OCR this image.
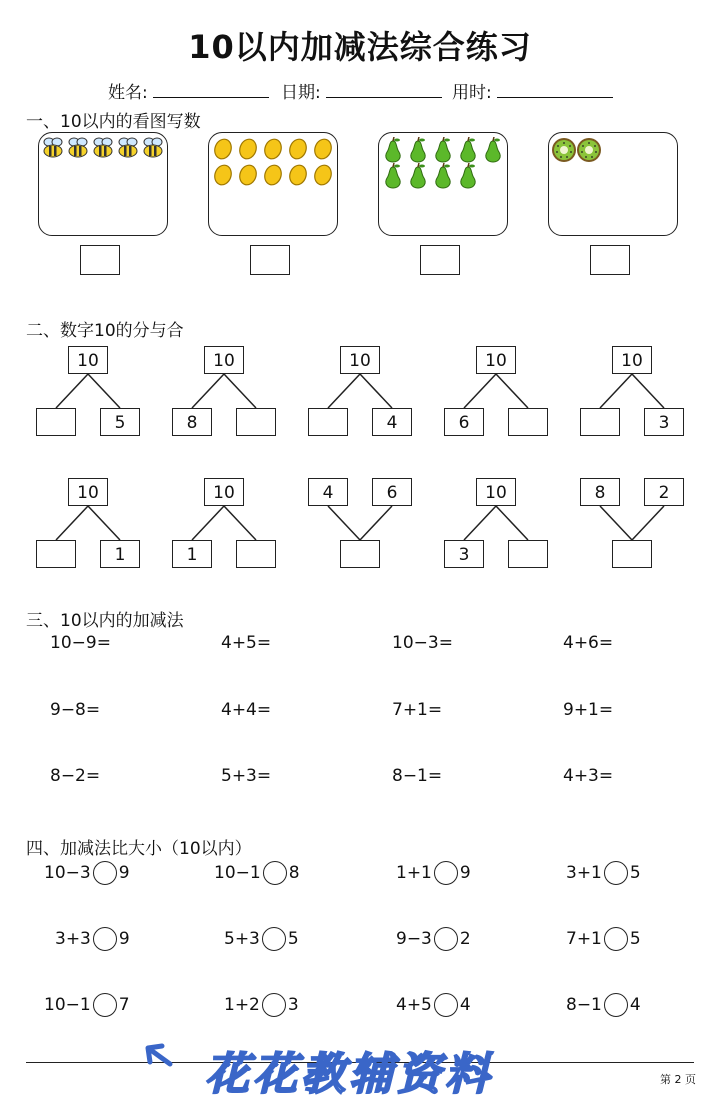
10以内加减法综合练习
姓名:	日期:	用时:
一、10以内的看图写数
二、数字10的分与合
10
5
10
8
10
4
10
6
10
3
10
1
10
1
4	6	10
3
8	2
三、10以内的加减法
10−9=	4+5=	10−3=	4+6=
9−8=	4+4=	7+1=	9+1=
8−2=	5+3=	8−1=	4+3=
四、加减法比大小（10以内）
10−3 9	10−1 8	1+1 9	3+1 5
3+3 9	5+3 5	9−3 2	7+1 5
10−1 7	1+2 3	4+5 4	8−1 4
第 2 页
花花教辅资料
